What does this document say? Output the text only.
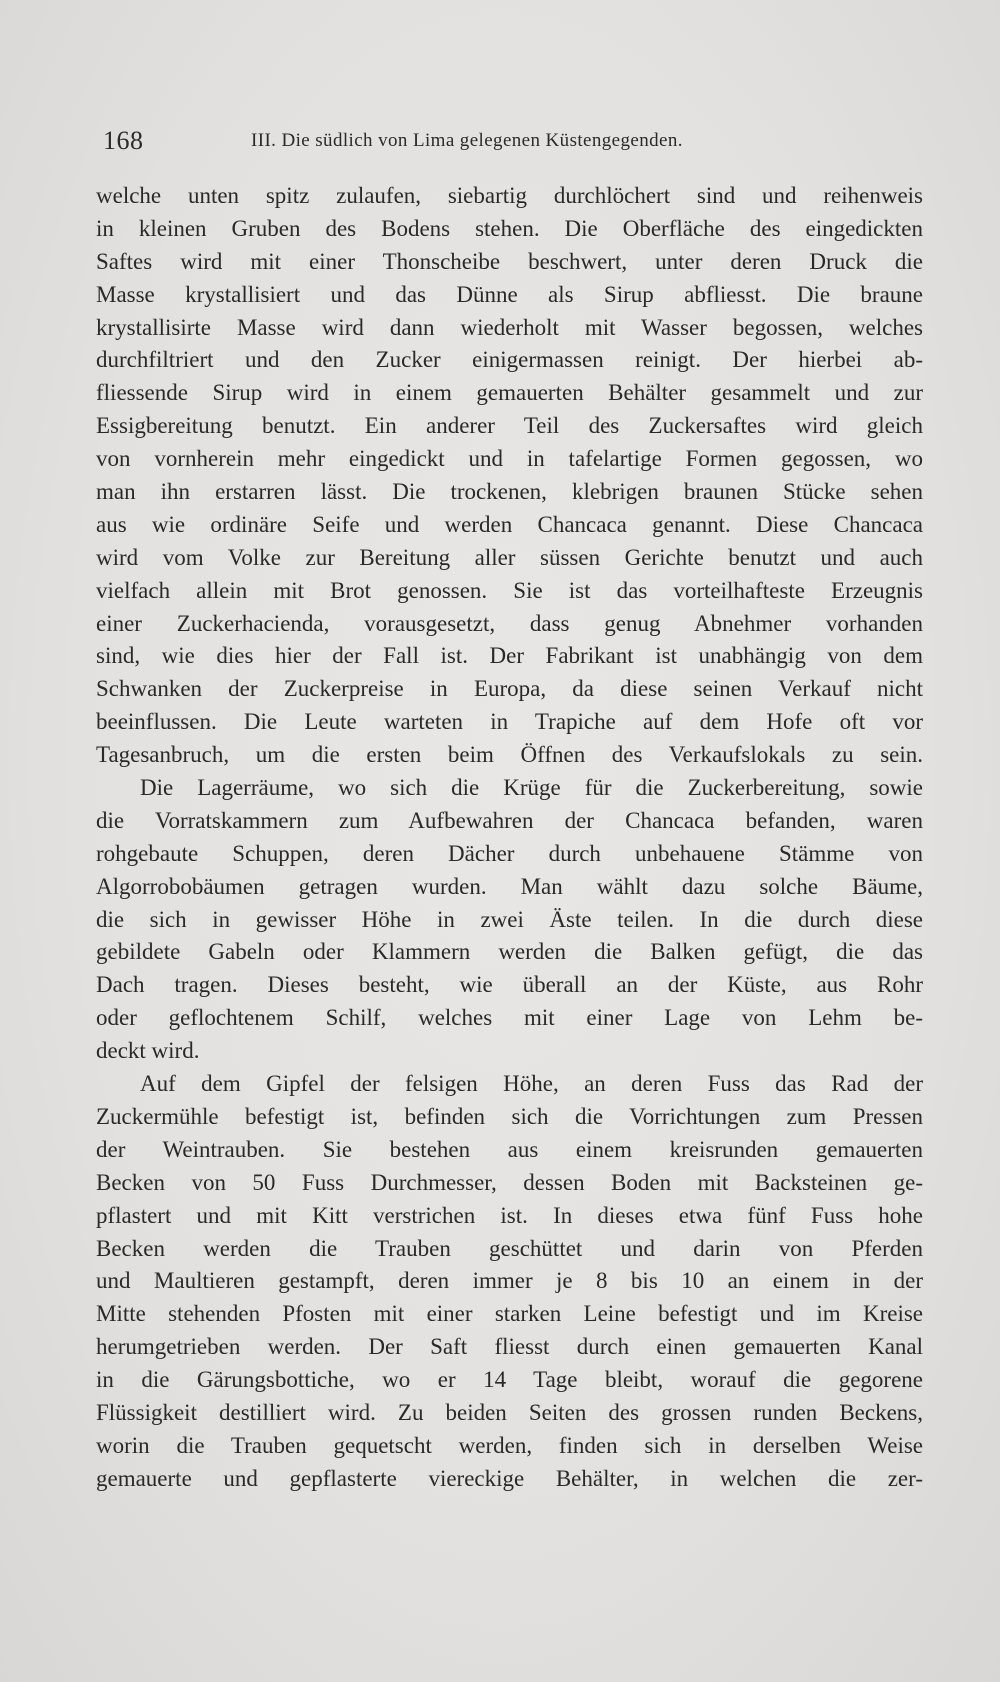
168	III. Die südlich von Lima gelegenen Küstengegenden.
welche unten spitz zulaufen, siebartig durchlöchert sind und reihenweis
in kleinen Gruben des Bodens stehen. Die Oberfläche des eingedickten
Saftes wird mit einer Thonscheibe beschwert, unter deren Druck die
Masse krystallisiert und das Dünne als Sirup abfliesst. Die braune
krystallisirte Masse wird dann wiederholt mit Wasser begossen, welches
durchfiltriert und den Zucker einigermassen reinigt. Der hierbei ab-
fliessende Sirup wird in einem gemauerten Behälter gesammelt und zur
Essigbereitung benutzt. Ein anderer Teil des Zuckersaftes wird gleich
von vornherein mehr eingedickt und in tafelartige Formen gegossen, wo
man ihn erstarren lässt. Die trockenen, klebrigen braunen Stücke sehen
aus wie ordinäre Seife und werden Chancaca genannt. Diese Chancaca
wird vom Volke zur Bereitung aller süssen Gerichte benutzt und auch
vielfach allein mit Brot genossen. Sie ist das vorteilhafteste Erzeugnis
einer Zuckerhacienda, vorausgesetzt, dass genug Abnehmer vorhanden
sind, wie dies hier der Fall ist. Der Fabrikant ist unabhängig von dem
Schwanken der Zuckerpreise in Europa, da diese seinen Verkauf nicht
beeinflussen. Die Leute warteten in Trapiche auf dem Hofe oft vor
Tagesanbruch, um die ersten beim Öffnen des Verkaufslokals zu sein.
Die Lagerräume, wo sich die Krüge für die Zuckerbereitung, sowie
die Vorratskammern zum Aufbewahren der Chancaca befanden, waren
rohgebaute Schuppen, deren Dächer durch unbehauene Stämme von
Algorrobobäumen getragen wurden. Man wählt dazu solche Bäume,
die sich in gewisser Höhe in zwei Äste teilen. In die durch diese
gebildete Gabeln oder Klammern werden die Balken gefügt, die das
Dach tragen. Dieses besteht, wie überall an der Küste, aus Rohr
oder geflochtenem Schilf, welches mit einer Lage von Lehm be-
deckt wird.
Auf dem Gipfel der felsigen Höhe, an deren Fuss das Rad der
Zuckermühle befestigt ist, befinden sich die Vorrichtungen zum Pressen
der Weintrauben. Sie bestehen aus einem kreisrunden gemauerten
Becken von 50 Fuss Durchmesser, dessen Boden mit Backsteinen ge-
pflastert und mit Kitt verstrichen ist. In dieses etwa fünf Fuss hohe
Becken werden die Trauben geschüttet und darin von Pferden
und Maultieren gestampft, deren immer je 8 bis 10 an einem in der
Mitte stehenden Pfosten mit einer starken Leine befestigt und im Kreise
herumgetrieben werden. Der Saft fliesst durch einen gemauerten Kanal
in die Gärungsbottiche, wo er 14 Tage bleibt, worauf die gegorene
Flüssigkeit destilliert wird. Zu beiden Seiten des grossen runden Beckens,
worin die Trauben gequetscht werden, finden sich in derselben Weise
gemauerte und gepflasterte viereckige Behälter, in welchen die zer-
